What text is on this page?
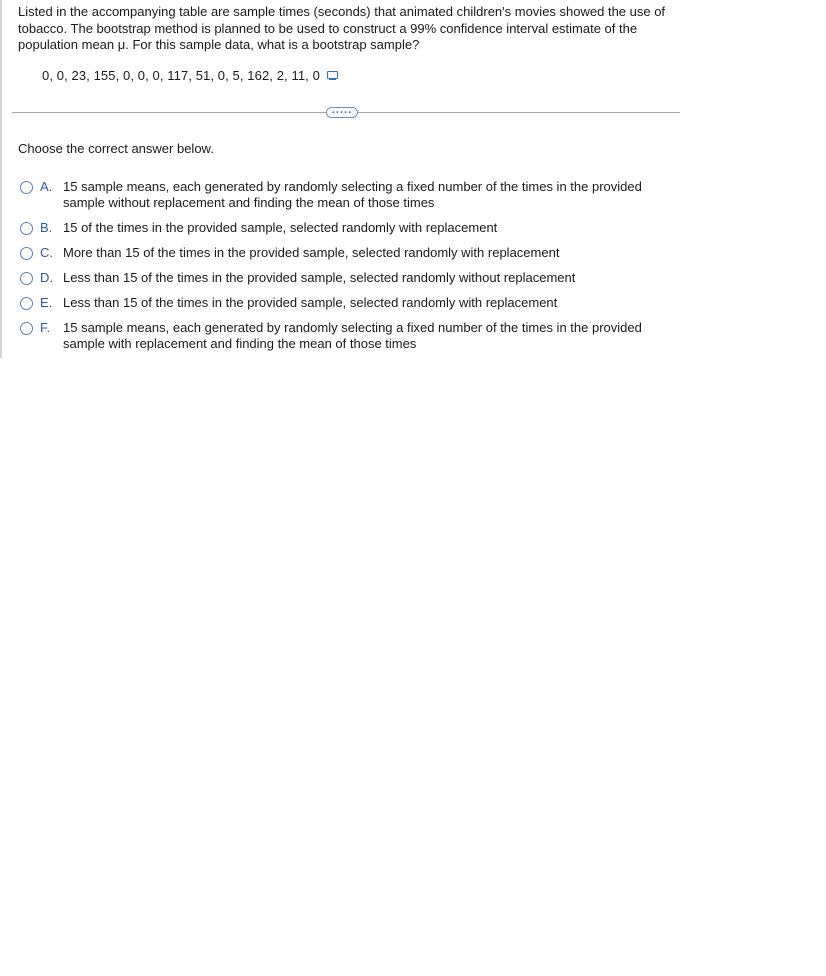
Listed in the accompanying table are sample times (seconds) that animated children's movies showed the use of tobacco. The bootstrap method is planned to be used to construct a 99% confidence interval estimate of the population mean μ. For this sample data, what is a bootstrap sample?
0, 0, 23, 155, 0, 0, 0, 117, 51, 0, 5, 162, 2, 11, 0
.....
Choose the correct answer below.
A. 15 sample means, each generated by randomly selecting a fixed number of the times in the provided sample without replacement and finding the mean of those times
B. 15 of the times in the provided sample, selected randomly with replacement
C. More than 15 of the times in the provided sample, selected randomly with replacement
D. Less than 15 of the times in the provided sample, selected randomly without replacement
E. Less than 15 of the times in the provided sample, selected randomly with replacement
F. 15 sample means, each generated by randomly selecting a fixed number of the times in the provided sample with replacement and finding the mean of those times
